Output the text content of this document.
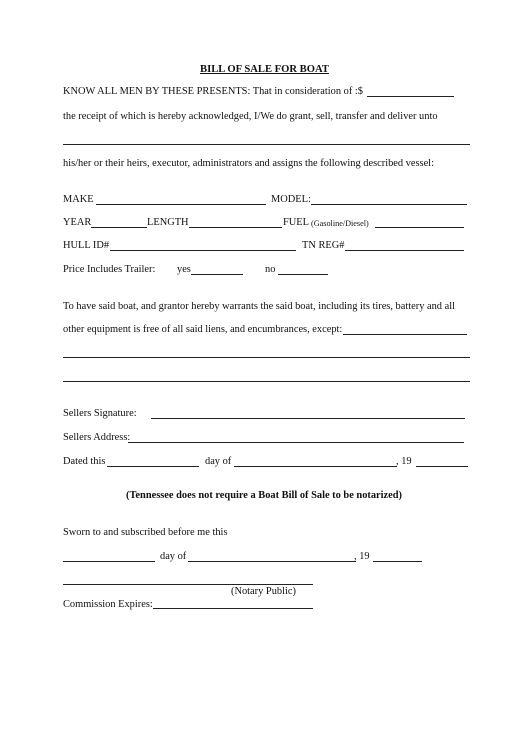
BILL OF SALE FOR BOAT
KNOW ALL MEN BY THESE PRESENTS: That in consideration of :$
the receipt of which is hereby acknowledged, I/We do grant, sell, transfer and deliver unto
his/her or their heirs, executor, administrators and assigns the following described vessel:
MAKE	MODEL:
YEAR	LENGTH	FUEL (Gasoline/Diesel)
HULL ID#	TN REG#
Price Includes Trailer: yes	no
To have said boat, and grantor hereby warrants the said boat, including its tires, battery and all
other equipment is free of all said liens, and encumbrances, except:
Sellers Signature:
Sellers Address:
Dated this	day of	, 19
(Tennessee does not require a Boat Bill of Sale to be notarized)
Sworn to and subscribed before me this
day of	, 19
(Notary Public)
Commission Expires:
